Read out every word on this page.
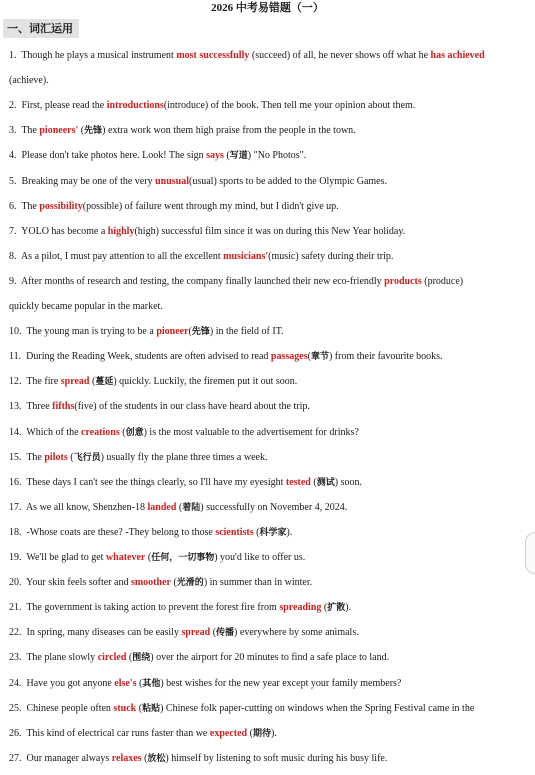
2026 中考易错题（一）
一、词汇运用
1.  Though he plays a musical instrument most successfully (succeed) of all, he never shows off what he has achieved
(achieve).
2.  First, please read the introductions(introduce) of the book. Then tell me your opinion about them.
3.  The pioneers' (先锋) extra work won them high praise from the people in the town.
4.  Please don't take photos here. Look! The sign says (写道) "No Photos".
5.  Breaking may be one of the very unusual(usual) sports to be added to the Olympic Games.
6.  The possibility(possible) of failure went through my mind, but I didn't give up.
7.  YOLO has become a highly(high) successful film since it was on during this New Year holiday.
8.  As a pilot, I must pay attention to all the excellent musicians'(music) safety during their trip.
9.  After months of research and testing, the company finally launched their new eco-friendly products (produce)
quickly became popular in the market.
10.  The young man is trying to be a pioneer(先锋) in the field of IT.
11.  During the Reading Week, students are often advised to read passages(章节) from their favourite books.
12.  The fire spread (蔓延) quickly. Luckily, the firemen put it out soon.
13.  Three fifths(five) of the students in our class have heard about the trip.
14.  Which of the creations (创意) is the most valuable to the advertisement for drinks?
15.  The pilots (飞行员) usually fly the plane three times a week.
16.  These days I can't see the things clearly, so I'll have my eyesight tested (测试) soon.
17.  As we all know, Shenzhen-18 landed (着陆) successfully on November 4, 2024.
18.  -Whose coats are these? -They belong to those scientists (科学家).
19.  We'll be glad to get whatever (任何，一切事物) you'd like to offer us.
20.  Your skin feels softer and smoother (光滑的) in summer than in winter.
21.  The government is taking action to prevent the forest fire from spreading (扩散).
22.  In spring, many diseases can be easily spread (传播) everywhere by some animals.
23.  The plane slowly circled (围绕) over the airport for 20 minutes to find a safe place to land.
24.  Have you got anyone else's (其他) best wishes for the new year except your family members?
25.  Chinese people often stuck (粘贴) Chinese folk paper-cutting on windows when the Spring Festival came in the
26.  This kind of electrical car runs faster than we expected (期待).
27.  Our manager always relaxes (放松) himself by listening to soft music during his busy life.
